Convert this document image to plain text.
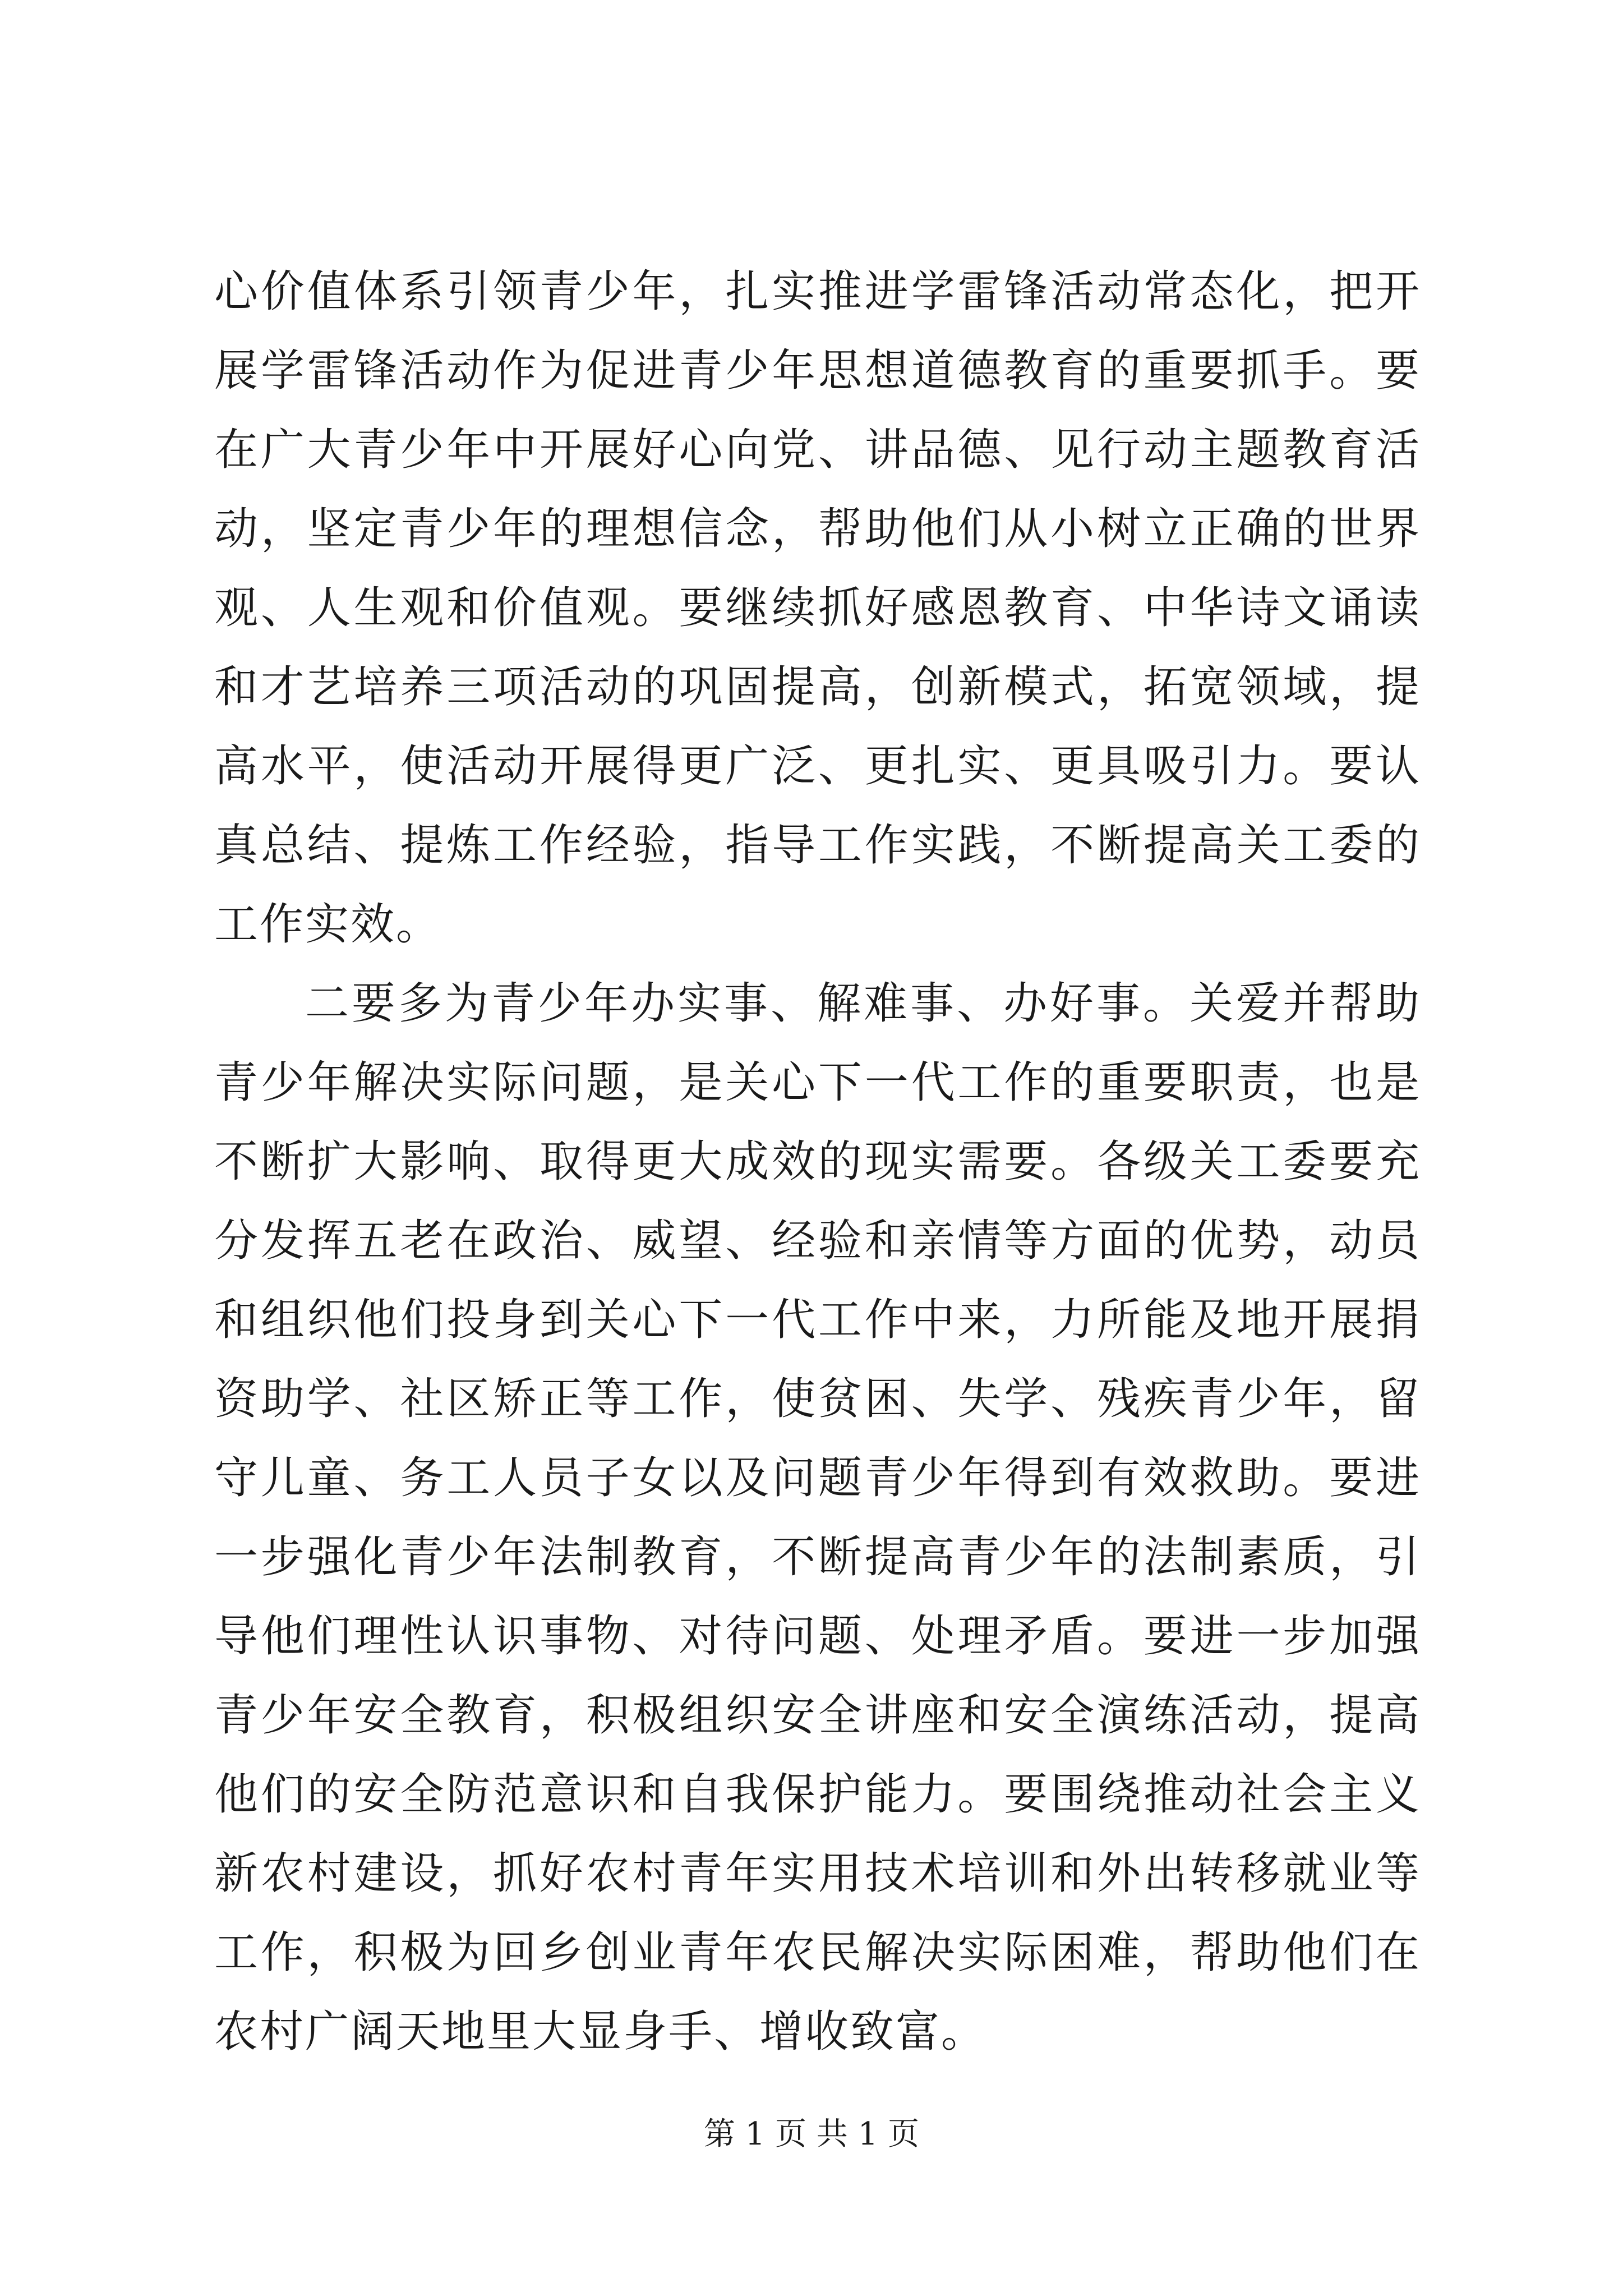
心价值体系引领青少年，扎实推进学雷锋活动常态化，把开展学雷锋活动作为促进青少年思想道德教育的重要抓手。要在广大青少年中开展好心向党、讲品德、见行动主题教育活动，坚定青少年的理想信念，帮助他们从小树立正确的世界观、人生观和价值观。要继续抓好感恩教育、中华诗文诵读和才艺培养三项活动的巩固提高，创新模式，拓宽领域，提高水平，使活动开展得更广泛、更扎实、更具吸引力。要认真总结、提炼工作经验，指导工作实践，不断提高关工委的工作实效。

二要多为青少年办实事、解难事、办好事。关爱并帮助青少年解决实际问题，是关心下一代工作的重要职责，也是不断扩大影响、取得更大成效的现实需要。各级关工委要充分发挥五老在政治、威望、经验和亲情等方面的优势，动员和组织他们投身到关心下一代工作中来，力所能及地开展捐资助学、社区矫正等工作，使贫困、失学、残疾青少年，留守儿童、务工人员子女以及问题青少年得到有效救助。要进一步强化青少年法制教育，不断提高青少年的法制素质，引导他们理性认识事物、对待问题、处理矛盾。要进一步加强青少年安全教育，积极组织安全讲座和安全演练活动，提高他们的安全防范意识和自我保护能力。要围绕推动社会主义新农村建设，抓好农村青年实用技术培训和外出转移就业等工作，积极为回乡创业青年农民解决实际困难，帮助他们在农村广阔天地里大显身手、增收致富。

第 1 页 共 1 页
